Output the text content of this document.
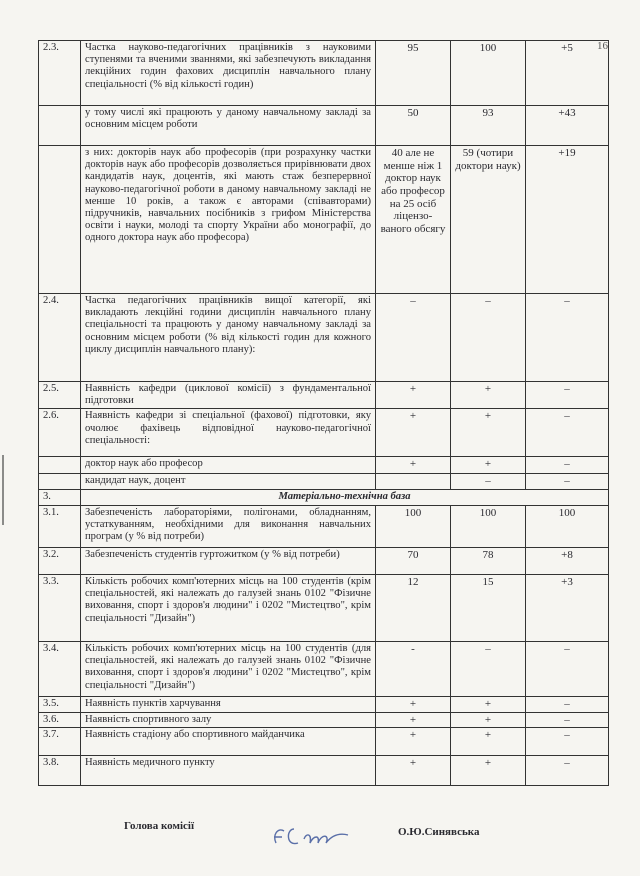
16
2.3.	Частка науково-педагогічних працівників з науковими ступенями та вченими званнями, які забезпечують викладання лекційних годин фахових дисциплін навчального плану спеціальності (% від кількості годин)	95	100	+5
	у тому числі які працюють у даному навчальному закладі за основним місцем роботи	50	93	+43
	з них: докторів наук або професорів (при розрахунку частки докторів наук або професорів дозволяється прирівнювати двох кандидатів наук, доцентів, які мають стаж безперервної науково-педагогічної роботи в даному навчальному закладі не менше 10 років, а також є авторами (співавторами) підручників, навчальних посібників з грифом Міністерства освіти і науки, молоді та спорту України або монографії, до одного доктора наук або професора)	40 але не менше ніж 1 доктор наук або професор на 25 осіб ліцензо-ваного обсягу	59 (чотири доктори наук)	+19
2.4.	Частка педагогічних працівників вищої категорії, які викладають лекційні години дисциплін навчального плану спеціальності та працюють у даному навчальному закладі за основним місцем роботи (% від кількості годин для кожного циклу дисциплін навчального плану):	–	–	–
2.5.	Наявність кафедри (циклової комісії) з фундаментальної підготовки	+	+	–
2.6.	Наявність кафедри зі спеціальної (фахової) підготовки, яку очолює фахівець відповідної науково-педагогічної спеціальності:	+	+	–
	доктор наук або професор	+	+	–
	кандидат наук, доцент		–	–
3.	Матеріально-технічна база			
3.1.	Забезпеченість лабораторіями, полігонами, обладнанням, устаткуванням, необхідними для виконання навчальних програм (у % від потреби)	100	100	100
3.2.	Забезпеченість студентів гуртожитком (у % від потреби)	70	78	+8
3.3.	Кількість робочих комп'ютерних місць на 100 студентів (крім спеціальностей, які належать до галузей знань 0102 "Фізичне виховання, спорт і здоров'я людини" і 0202 "Мистецтво", крім спеціальності "Дизайн")	12	15	+3
3.4.	Кількість робочих комп'ютерних місць на 100 студентів (для спеціальностей, які належать до галузей знань 0102 "Фізичне виховання, спорт і здоров'я людини" і 0202 "Мистецтво", крім спеціальності "Дизайн")	-	–	–
3.5.	Наявність пунктів харчування	+	+	–
3.6.	Наявність спортивного залу	+	+	–
3.7.	Наявність стадіону або спортивного майданчика	+	+	–
3.8.	Наявність медичного пункту	+	+	–
Голова комісії	О.Ю.Синявська
